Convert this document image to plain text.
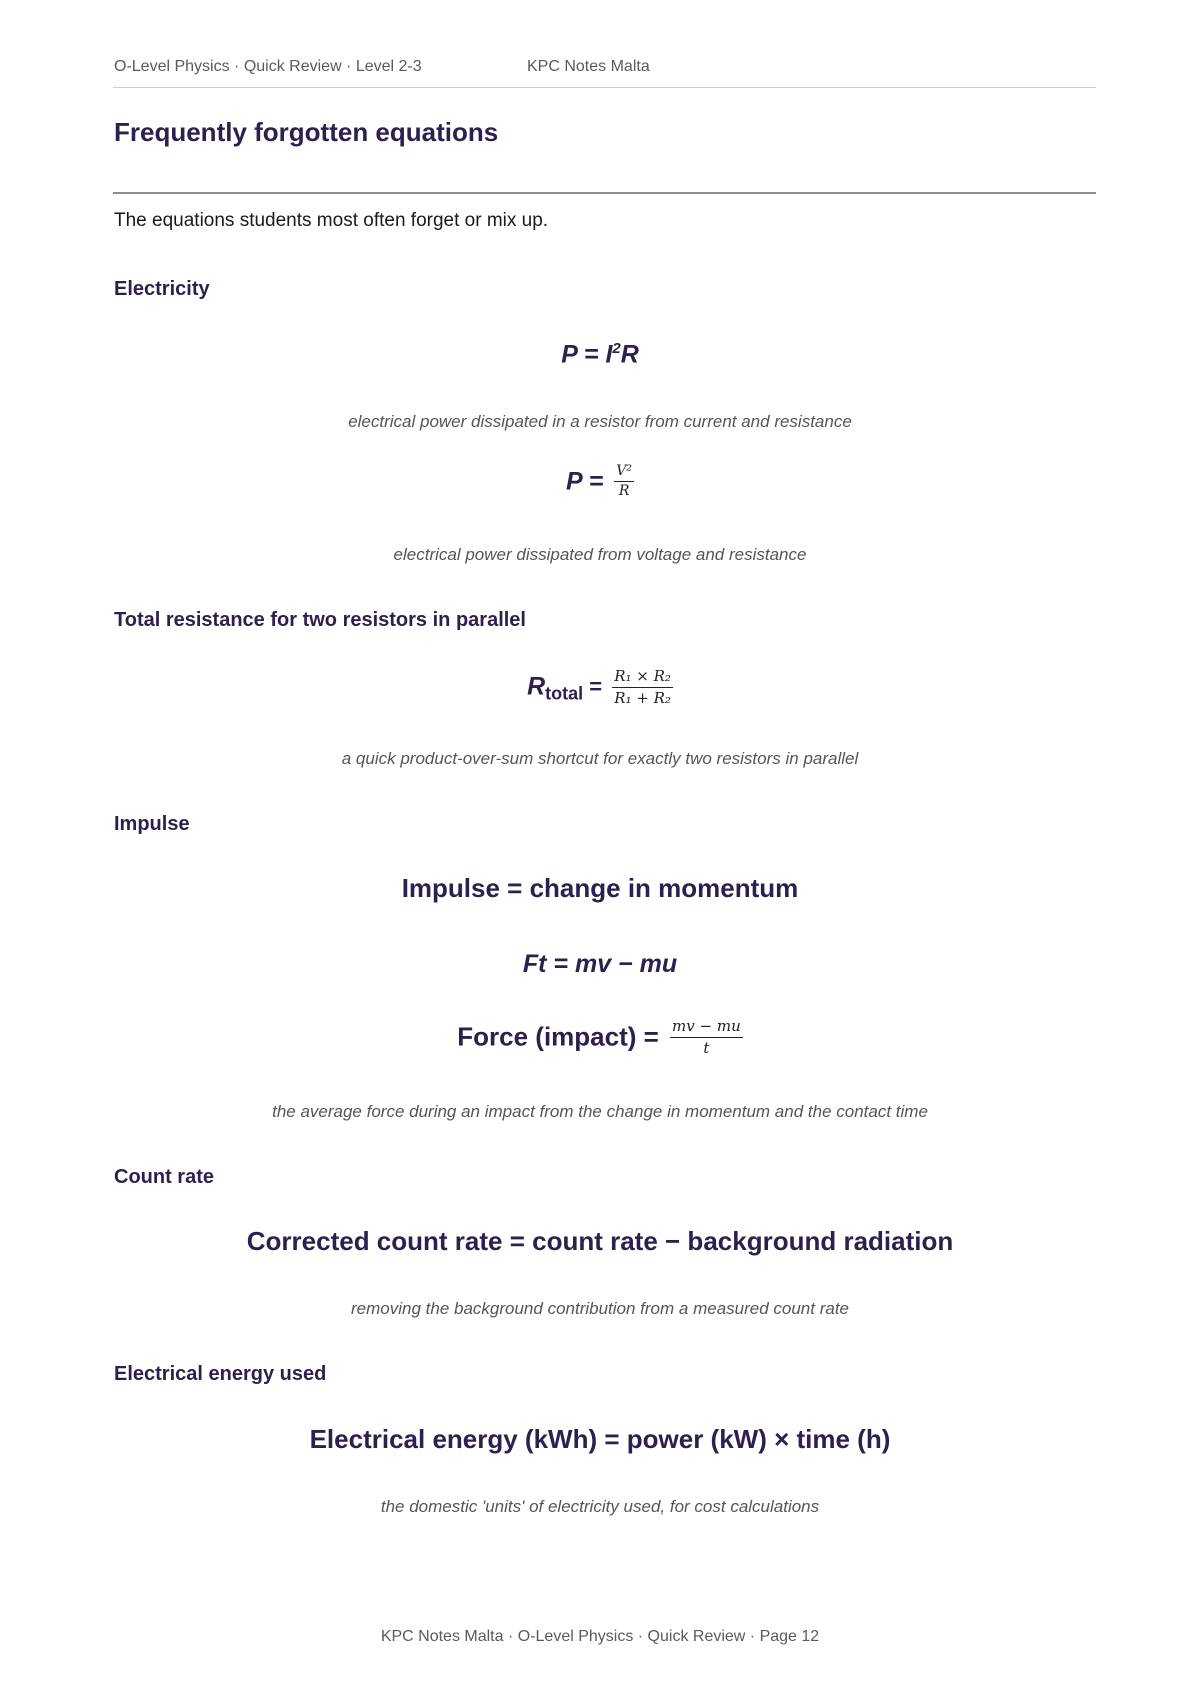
O-Level Physics · Quick Review · Level 2-3	KPC Notes Malta
Frequently forgotten equations
The equations students most often forget or mix up.
Electricity
$P = I^2R$
electrical power dissipated in a resistor from current and resistance
$P = \frac{\text{V²}}{R}$
electrical power dissipated from voltage and resistance
Total resistance for two resistors in parallel
$R_{total} = \frac{\text{R₁ × R₂}}{\text{R₁ + R₂}}$
a quick product-over-sum shortcut for exactly two resistors in parallel
Impulse
Impulse = change in momentum
Ft = mv − mu
Force (impact) = $\frac{mv - mu}{t}$
the average force during an impact from the change in momentum and the contact time
Count rate
Corrected count rate = count rate − background radiation
removing the background contribution from a measured count rate
Electrical energy used
Electrical energy (kWh) = power (kW) × time (h)
the domestic 'units' of electricity used, for cost calculations
KPC Notes Malta · O-Level Physics · Quick Review · Page 12
